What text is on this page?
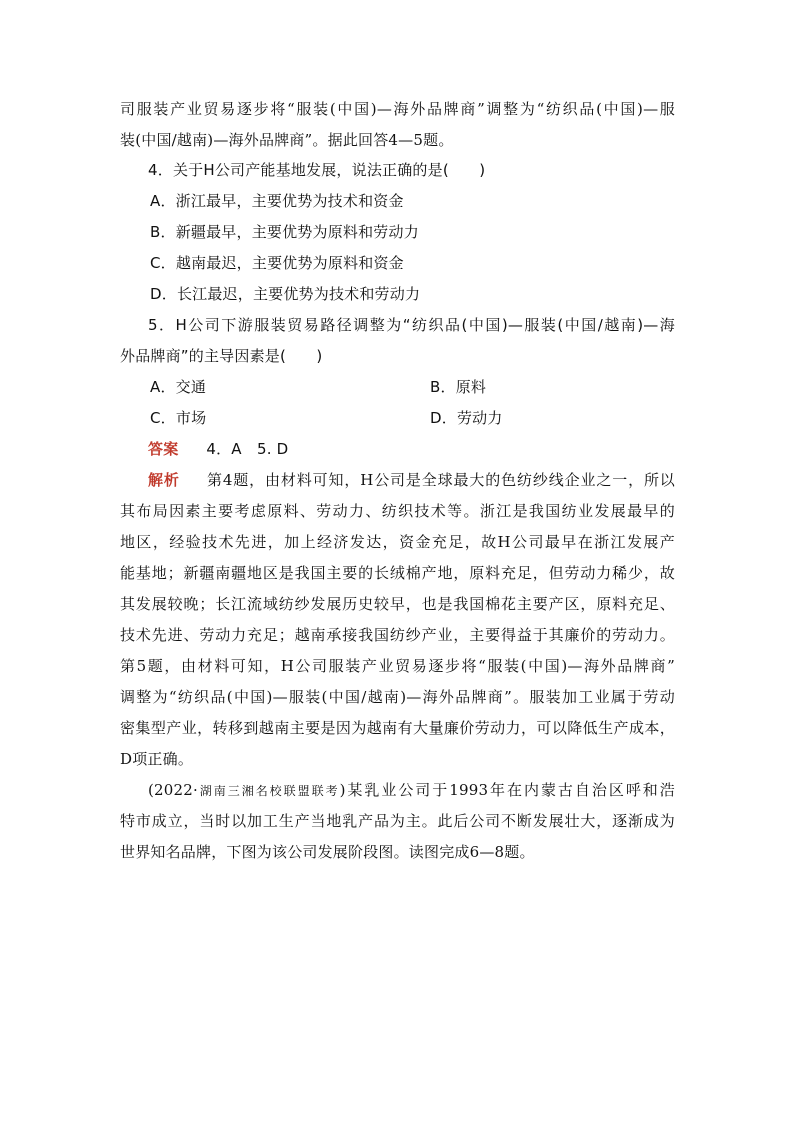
司服装产业贸易逐步将“服装(中国)—海外品牌商”调整为“纺织品(中国)—服
装(中国/越南)—海外品牌商”。据此回答4—5题。
4．关于H公司产能基地发展，说法正确的是(　　)
A．浙江最早，主要优势为技术和资金
B．新疆最早，主要优势为原料和劳动力
C．越南最迟，主要优势为原料和资金
D．长江最迟，主要优势为技术和劳动力
5．H公司下游服装贸易路径调整为“纺织品(中国)—服装(中国/越南)—海
外品牌商”的主导因素是(　　)
A．交通	B．原料
C．市场	D．劳动力
答案 4．A　5. D
解析 第4题，由材料可知，H公司是全球最大的色纺纱线企业之一，所以
其布局因素主要考虑原料、劳动力、纺织技术等。浙江是我国纺业发展最早的
地区，经验技术先进，加上经济发达，资金充足，故H公司最早在浙江发展产
能基地；新疆南疆地区是我国主要的长绒棉产地，原料充足，但劳动力稀少，故
其发展较晚；长江流域纺纱发展历史较早，也是我国棉花主要产区，原料充足、
技术先进、劳动力充足；越南承接我国纺纱产业，主要得益于其廉价的劳动力。
第5题，由材料可知，H公司服装产业贸易逐步将“服装(中国)—海外品牌商”
调整为“纺织品(中国)—服装(中国/越南)—海外品牌商”。服装加工业属于劳动
密集型产业，转移到越南主要是因为越南有大量廉价劳动力，可以降低生产成本，
D项正确。
(2022·湖南三湘名校联盟联考)某乳业公司于1993年在内蒙古自治区呼和浩
特市成立，当时以加工生产当地乳产品为主。此后公司不断发展壮大，逐渐成为
世界知名品牌，下图为该公司发展阶段图。读图完成6—8题。
